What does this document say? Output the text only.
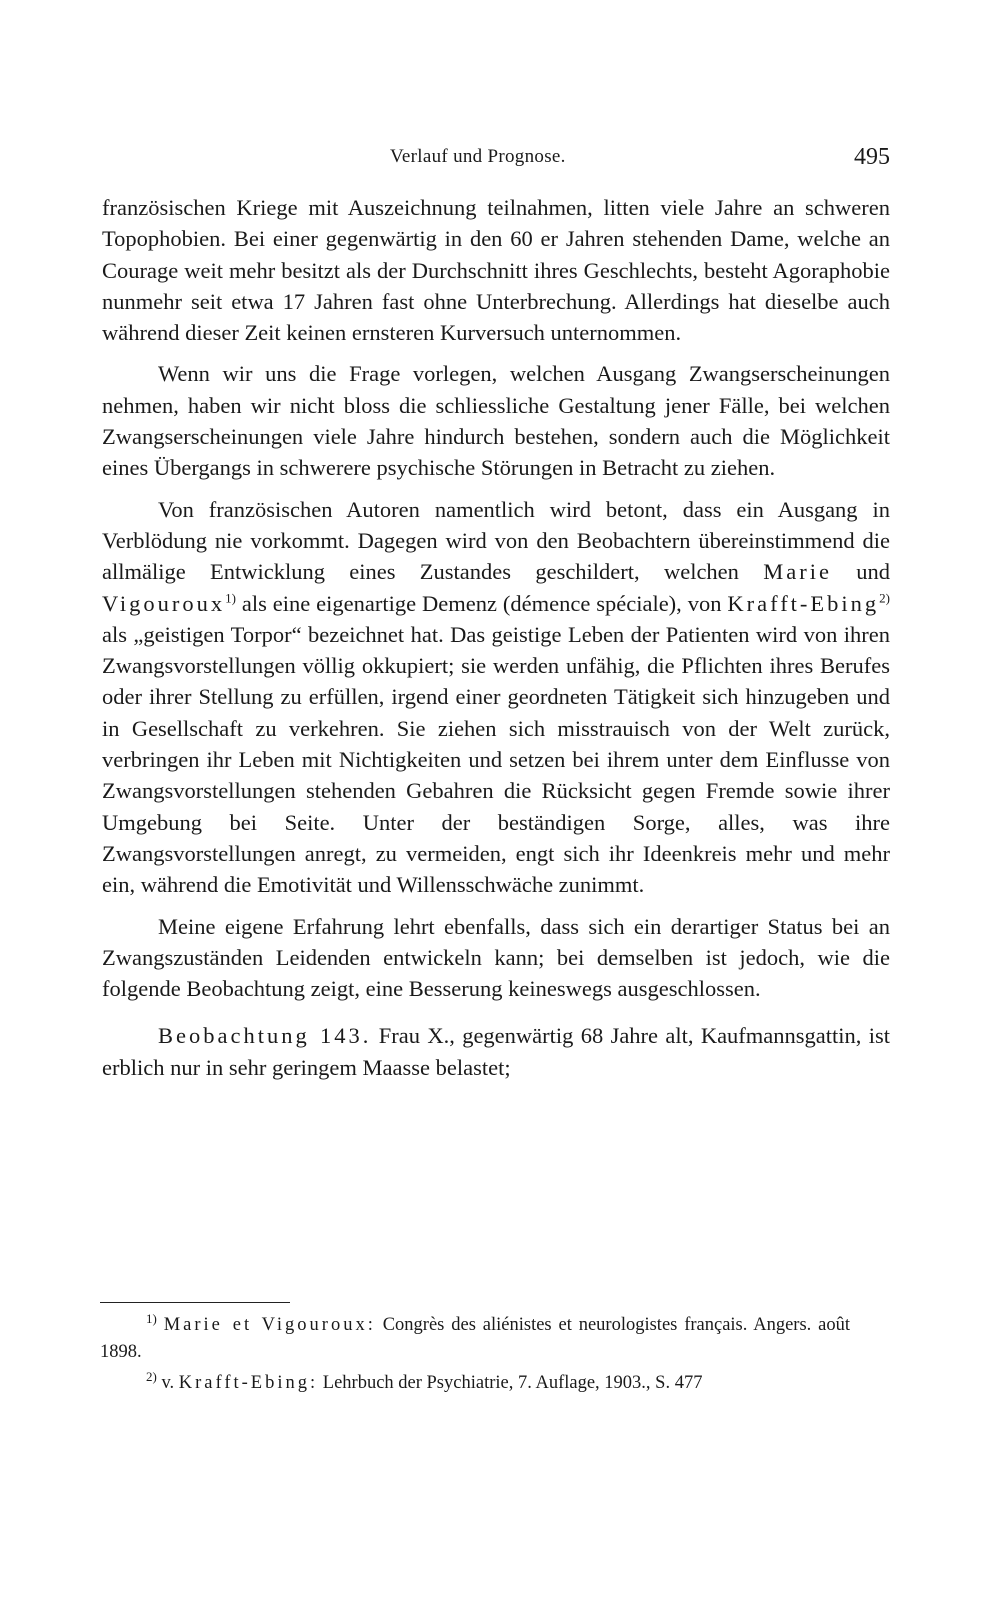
Verlauf und Prognose.	495

französischen Kriege mit Auszeichnung teilnahmen, litten viele Jahre an schweren Topophobien. Bei einer gegenwärtig in den 60 er Jahren stehenden Dame, welche an Courage weit mehr besitzt als der Durchschnitt ihres Geschlechts, besteht Agoraphobie nunmehr seit etwa 17 Jahren fast ohne Unterbrechung. Allerdings hat dieselbe auch während dieser Zeit keinen ernsteren Kurversuch unternommen.

Wenn wir uns die Frage vorlegen, welchen Ausgang Zwangserscheinungen nehmen, haben wir nicht bloss die schliessliche Gestaltung jener Fälle, bei welchen Zwangserscheinungen viele Jahre hindurch bestehen, sondern auch die Möglichkeit eines Übergangs in schwerere psychische Störungen in Betracht zu ziehen.

Von französischen Autoren namentlich wird betont, dass ein Ausgang in Verblödung nie vorkommt. Dagegen wird von den Beobachtern übereinstimmend die allmälige Entwicklung eines Zustandes geschildert, welchen Marie und Vigouroux$^{1)}$ als eine eigenartige Demenz (démence spéciale), von Krafft-Ebing$^{2)}$ als „geistigen Torpor“ bezeichnet hat. Das geistige Leben der Patienten wird von ihren Zwangsvorstellungen völlig okkupiert; sie werden unfähig, die Pflichten ihres Berufes oder ihrer Stellung zu erfüllen, irgend einer geordneten Tätigkeit sich hinzugeben und in Gesellschaft zu verkehren. Sie ziehen sich misstrauisch von der Welt zurück, verbringen ihr Leben mit Nichtigkeiten und setzen bei ihrem unter dem Einflusse von Zwangsvorstellungen stehenden Gebahren die Rücksicht gegen Fremde sowie ihrer Umgebung bei Seite. Unter der beständigen Sorge, alles, was ihre Zwangsvorstellungen anregt, zu vermeiden, engt sich ihr Ideenkreis mehr und mehr ein, während die Emotivität und Willensschwäche zunimmt.

Meine eigene Erfahrung lehrt ebenfalls, dass sich ein derartiger Status bei an Zwangszuständen Leidenden entwickeln kann; bei demselben ist jedoch, wie die folgende Beobachtung zeigt, eine Besserung keineswegs ausgeschlossen.

Beobachtung 143. Frau X., gegenwärtig 68 Jahre alt, Kaufmannsgattin, ist erblich nur in sehr geringem Maasse belastet;

$^{1)}$ Marie et Vigouroux: Congrès des aliénistes et neurologistes français. Angers. août 1898.

$^{2)}$ v. Krafft-Ebing: Lehrbuch der Psychiatrie, 7. Auflage, 1903., S. 477
